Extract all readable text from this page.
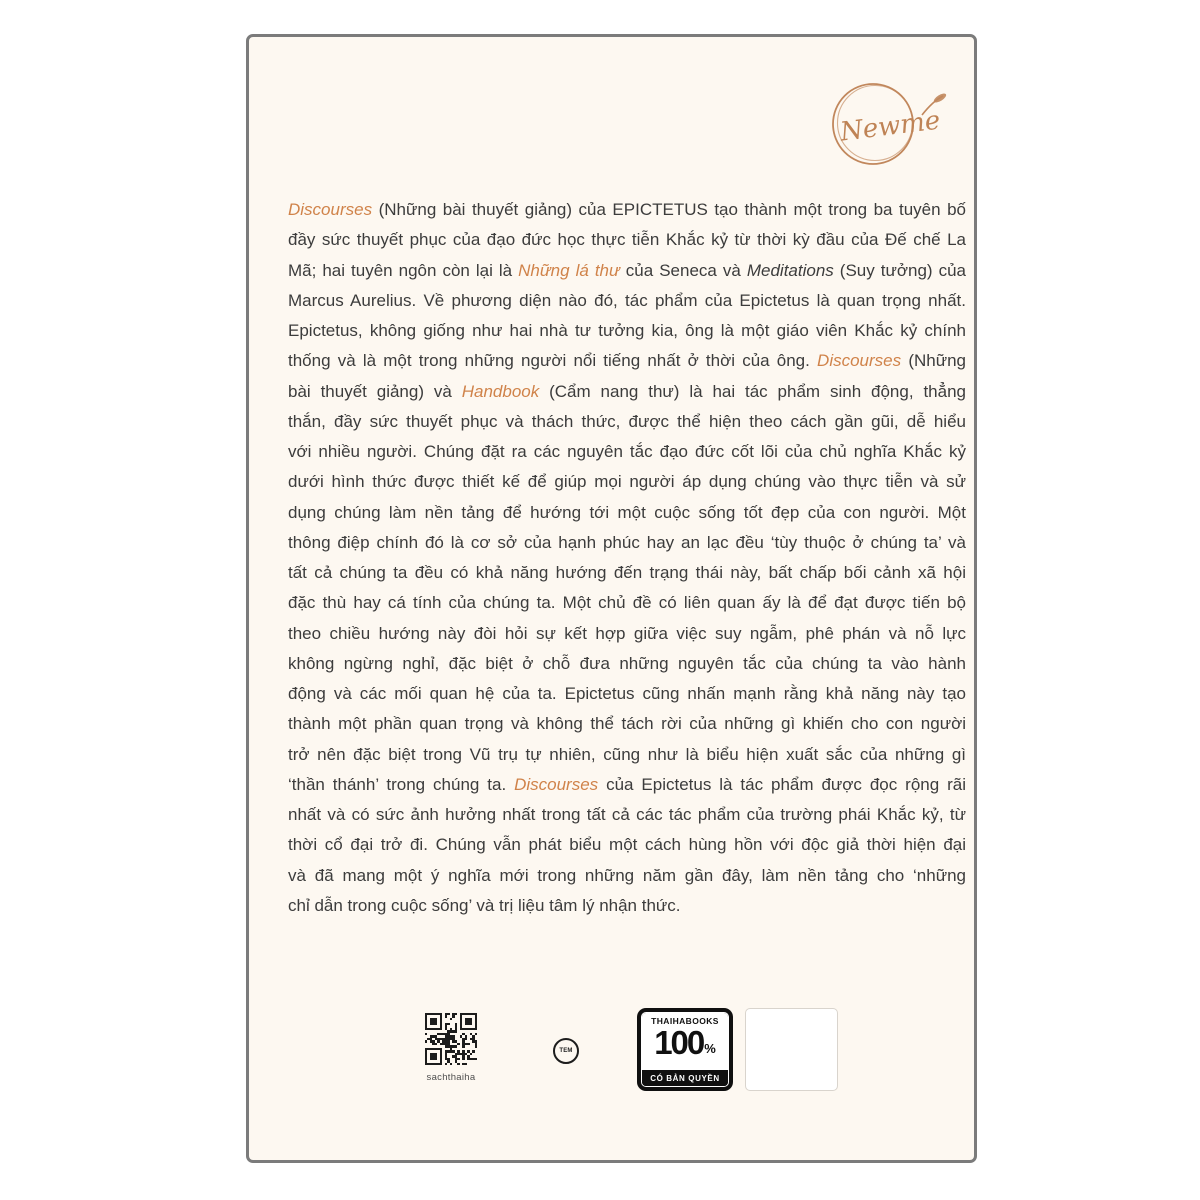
Newme
Discourses (Những bài thuyết giảng) của EPICTETUS tạo thành một trong ba tuyên bố
đầy sức thuyết phục của đạo đức học thực tiễn Khắc kỷ từ thời kỳ đầu của Đế chế La
Mã; hai tuyên ngôn còn lại là Những lá thư của Seneca và Meditations (Suy tưởng) của
Marcus Aurelius. Về phương diện nào đó, tác phẩm của Epictetus là quan trọng nhất.
Epictetus, không giống như hai nhà tư tưởng kia, ông là một giáo viên Khắc kỷ chính
thống và là một trong những người nổi tiếng nhất ở thời của ông. Discourses (Những
bài thuyết giảng) và Handbook (Cẩm nang thư) là hai tác phẩm sinh động, thẳng
thắn, đầy sức thuyết phục và thách thức, được thể hiện theo cách gần gũi, dễ hiểu
với nhiều người. Chúng đặt ra các nguyên tắc đạo đức cốt lõi của chủ nghĩa Khắc kỷ
dưới hình thức được thiết kế để giúp mọi người áp dụng chúng vào thực tiễn và sử
dụng chúng làm nền tảng để hướng tới một cuộc sống tốt đẹp của con người. Một
thông điệp chính đó là cơ sở của hạnh phúc hay an lạc đều ‘tùy thuộc ở chúng ta’ và
tất cả chúng ta đều có khả năng hướng đến trạng thái này, bất chấp bối cảnh xã hội
đặc thù hay cá tính của chúng ta. Một chủ đề có liên quan ấy là để đạt được tiến bộ
theo chiều hướng này đòi hỏi sự kết hợp giữa việc suy ngẫm, phê phán và nỗ lực
không ngừng nghỉ, đặc biệt ở chỗ đưa những nguyên tắc của chúng ta vào hành
động và các mối quan hệ của ta. Epictetus cũng nhấn mạnh rằng khả năng này tạo
thành một phần quan trọng và không thể tách rời của những gì khiến cho con người
trở nên đặc biệt trong Vũ trụ tự nhiên, cũng như là biểu hiện xuất sắc của những gì
‘thần thánh’ trong chúng ta. Discourses của Epictetus là tác phẩm được đọc rộng rãi
nhất và có sức ảnh hưởng nhất trong tất cả các tác phẩm của trường phái Khắc kỷ, từ
thời cổ đại trở đi. Chúng vẫn phát biểu một cách hùng hồn với độc giả thời hiện đại
và đã mang một ý nghĩa mới trong những năm gần đây, làm nền tảng cho ‘những
chỉ dẫn trong cuộc sống’ và trị liệu tâm lý nhận thức.
sachthaiha
TEM
THAIHABOOKS
100 %
CÓ BẢN QUYỀN
